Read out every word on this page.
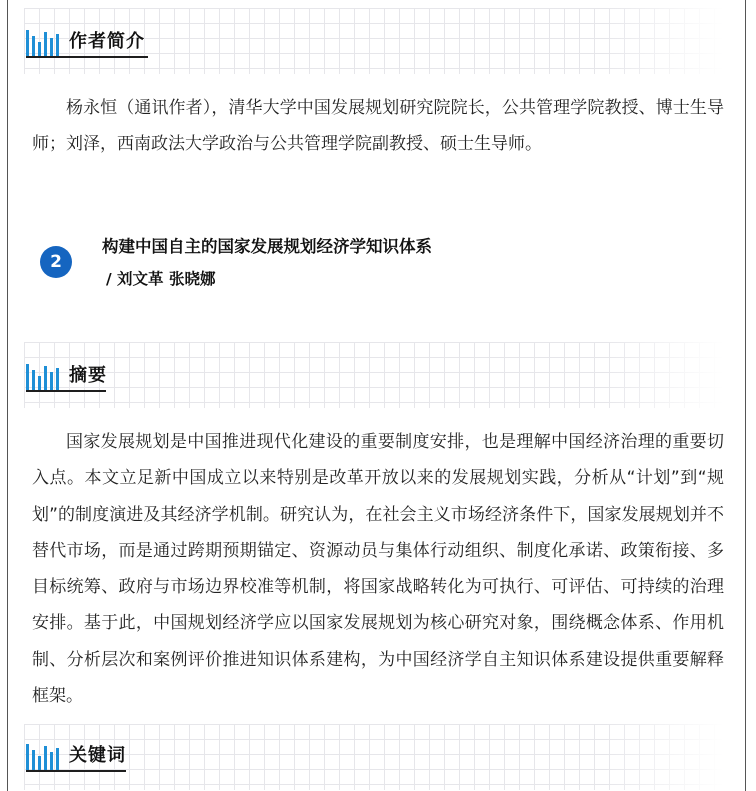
作者简介

杨永恒（通讯作者），清华大学中国发展规划研究院院长，公共管理学院教授、博士生导师；刘泽，西南政法大学政治与公共管理学院副教授、硕士生导师。

2
构建中国自主的国家发展规划经济学知识体系
/ 刘文革 张晓娜
摘要

国家发展规划是中国推进现代化建设的重要制度安排，也是理解中国经济治理的重要切入点。本文立足新中国成立以来特别是改革开放以来的发展规划实践，分析从“计划”到“规划”的制度演进及其经济学机制。研究认为，在社会主义市场经济条件下，国家发展规划并不替代市场，而是通过跨期预期锚定、资源动员与集体行动组织、制度化承诺、政策衔接、多目标统筹、政府与市场边界校准等机制，将国家战略转化为可执行、可评估、可持续的治理安排。基于此，中国规划经济学应以国家发展规划为核心研究对象，围绕概念体系、作用机制、分析层次和案例评价推进知识体系建构，为中国经济学自主知识体系建设提供重要解释框架。

关键词
